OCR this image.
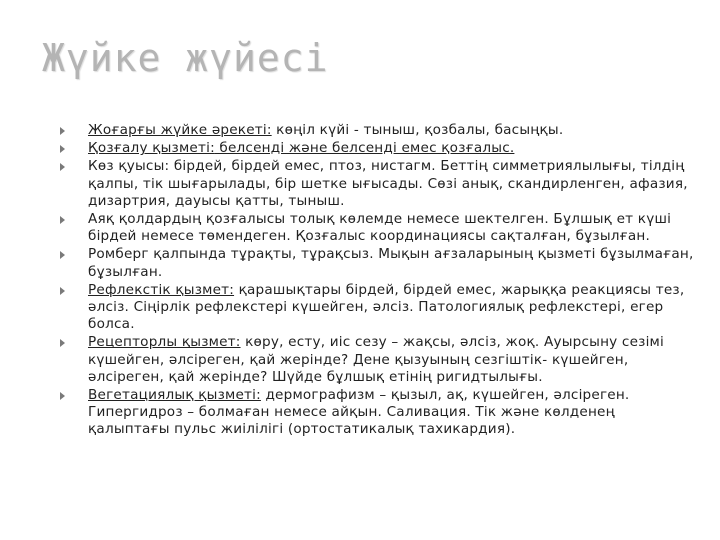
Жүйке жүйесі
Жоғарғы жүйке әрекеті: көңіл күйі - тыныш, қозбалы, басыңқы.
Қозғалу қызметі: белсенді және белсенді емес қозғалыс.
Көз қуысы: бірдей, бірдей емес, птоз, нистагм. Беттің симметриялылығы, тілдің қалпы, тік шығарылады, бір шетке ығысады. Сөзі анық, скандирленген, афазия, дизартрия, дауысы қатты, тыныш.
Аяқ қолдардың қозғалысы толық көлемде немесе шектелген. Бұлшық ет күші бірдей немесе төмендеген. Қозғалыс координациясы сақталған, бұзылған.
Ромберг қалпында тұрақты, тұрақсыз. Мықын ағзаларының қызметі бұзылмаған, бұзылған.
Рефлекстік қызмет: қарашықтары бірдей, бірдей емес, жарыққа реакциясы тез, әлсіз. Сіңірлік рефлекстері күшейген, әлсіз. Патологиялық рефлекстері, егер болса.
Рецепторлы қызмет: көру, есту, иіс сезу – жақсы, әлсіз, жоқ. Ауырсыну сезімі күшейген, әлсіреген, қай жерінде? Дене қызуының сезгіштік- күшейген, әлсіреген, қай жерінде? Шүйде бұлшық етінің ригидтылығы.
Вегетациялық қызметі: дермографизм – қызыл, ақ, күшейген, әлсіреген. Гипергидроз – болмаған немесе айқын. Саливация. Тік және көлденең қалыптағы пульс жиілілігі (ортостатикалық тахикардия).
